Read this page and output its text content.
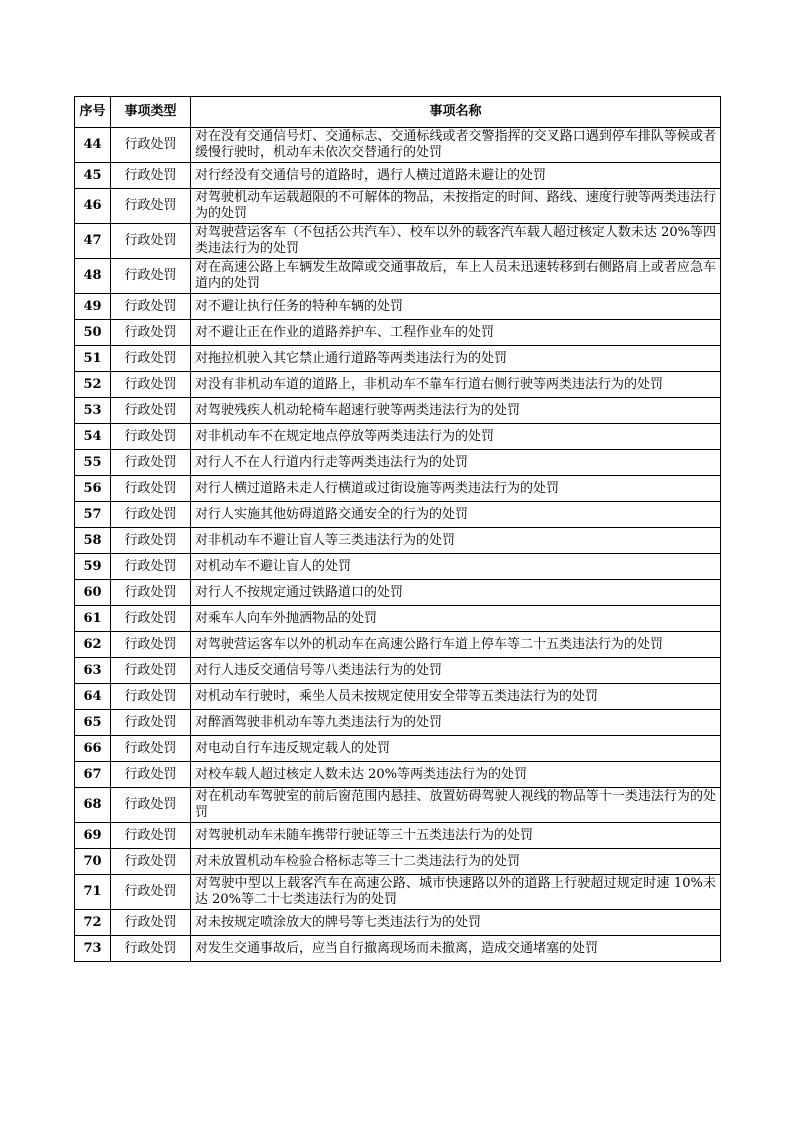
序号	事项类型	事项名称
44	行政处罚	对在没有交通信号灯、交通标志、交通标线或者交警指挥的交叉路口遇到停车排队等候或者缓慢行驶时，机动车未依次交替通行的处罚
45	行政处罚	对行经没有交通信号的道路时，遇行人横过道路未避让的处罚
46	行政处罚	对驾驶机动车运载超限的不可解体的物品，未按指定的时间、路线、速度行驶等两类违法行为的处罚
47	行政处罚	对驾驶营运客车（不包括公共汽车）、校车以外的载客汽车载人超过核定人数未达 20%等四类违法行为的处罚
48	行政处罚	对在高速公路上车辆发生故障或交通事故后，车上人员未迅速转移到右侧路肩上或者应急车道内的处罚
49	行政处罚	对不避让执行任务的特种车辆的处罚
50	行政处罚	对不避让正在作业的道路养护车、工程作业车的处罚
51	行政处罚	对拖拉机驶入其它禁止通行道路等两类违法行为的处罚
52	行政处罚	对没有非机动车道的道路上，非机动车不靠车行道右侧行驶等两类违法行为的处罚
53	行政处罚	对驾驶残疾人机动轮椅车超速行驶等两类违法行为的处罚
54	行政处罚	对非机动车不在规定地点停放等两类违法行为的处罚
55	行政处罚	对行人不在人行道内行走等两类违法行为的处罚
56	行政处罚	对行人横过道路未走人行横道或过街设施等两类违法行为的处罚
57	行政处罚	对行人实施其他妨碍道路交通安全的行为的处罚
58	行政处罚	对非机动车不避让盲人等三类违法行为的处罚
59	行政处罚	对机动车不避让盲人的处罚
60	行政处罚	对行人不按规定通过铁路道口的处罚
61	行政处罚	对乘车人向车外抛洒物品的处罚
62	行政处罚	对驾驶营运客车以外的机动车在高速公路行车道上停车等二十五类违法行为的处罚
63	行政处罚	对行人违反交通信号等八类违法行为的处罚
64	行政处罚	对机动车行驶时，乘坐人员未按规定使用安全带等五类违法行为的处罚
65	行政处罚	对醉酒驾驶非机动车等九类违法行为的处罚
66	行政处罚	对电动自行车违反规定载人的处罚
67	行政处罚	对校车载人超过核定人数未达 20%等两类违法行为的处罚
68	行政处罚	对在机动车驾驶室的前后窗范围内悬挂、放置妨碍驾驶人视线的物品等十一类违法行为的处罚
69	行政处罚	对驾驶机动车未随车携带行驶证等三十五类违法行为的处罚
70	行政处罚	对未放置机动车检验合格标志等三十二类违法行为的处罚
71	行政处罚	对驾驶中型以上载客汽车在高速公路、城市快速路以外的道路上行驶超过规定时速 10%未达 20%等二十七类违法行为的处罚
72	行政处罚	对未按规定喷涂放大的牌号等七类违法行为的处罚
73	行政处罚	对发生交通事故后，应当自行撤离现场而未撤离，造成交通堵塞的处罚
